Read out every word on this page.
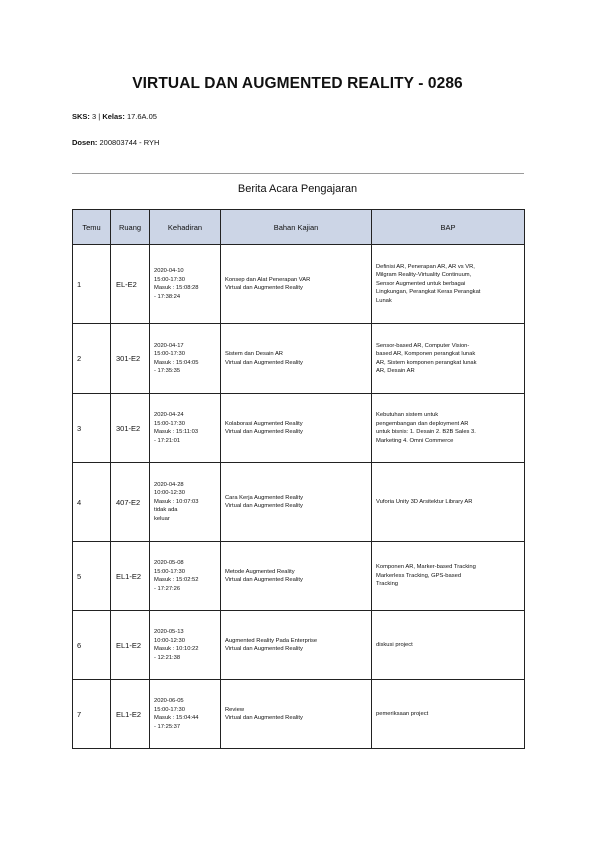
VIRTUAL DAN AUGMENTED REALITY - 0286
SKS: 3 | Kelas: 17.6A.05
Dosen: 200803744 - RYH
Berita Acara Pengajaran
Temu	Ruang	Kehadiran	Bahan Kajian	BAP
1	EL-E2	2020-04-10
15:00-17:30
Masuk : 15:08:28
- 17:38:24	Konsep dan Alat Penerapan VAR
Virtual dan Augmented Reality	Definisi AR, Penerapan AR, AR vs VR,
Milgram Reality-Virtuality Continuum,
Sensor Augmented untuk berbagai
Lingkungan, Perangkat Keras Perangkat
Lunak

2	301-E2	2020-04-17
15:00-17:30
Masuk : 15:04:05
- 17:35:35	Sistem dan Desain AR
Virtual dan Augmented Reality	Sensor-based AR, Computer Vision-
based AR, Komponen perangkat lunak
AR, Sistem komponen perangkat lunak
AR, Desain AR

3	301-E2	2020-04-24
15:00-17:30
Masuk : 15:11:03
- 17:21:01	Kolaborasi Augmented Reality
Virtual dan Augmented Reality	Kebutuhan sistem untuk
pengembangan dan deployment AR
untuk bisnis: 1. Desain 2. B2B Sales 3.
Marketing 4. Omni Commerce

4	407-E2	2020-04-28
10:00-12:30
Masuk : 10:07:03
tidak ada
keluar	Cara Kerja Augmented Reality
Virtual dan Augmented Reality	Vuforia Unity 3D Arsitektur Library AR

5	EL1-E2	2020-05-08
15:00-17:30
Masuk : 15:02:52
- 17:27:26	Metode Augmented Reality
Virtual dan Augmented Reality	Komponen AR, Marker-based Tracking
Markerless Tracking, GPS-based
Tracking

6	EL1-E2	2020-05-13
10:00-12:30
Masuk : 10:10:22
- 12:21:38	Augmented Reality Pada Enterprise
Virtual dan Augmented Reality	diskusi project

7	EL1-E2	2020-06-05
15:00-17:30
Masuk : 15:04:44
- 17:25:37	Review
Virtual dan Augmented Reality	pemeriksaan project
